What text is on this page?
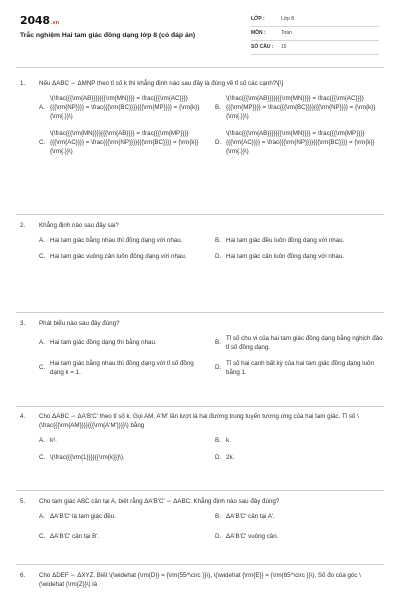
2048.vn
Trắc nghiệm Hai tam giác đồng dạng lớp 8 (có đáp án)
LỚP :	Lớp 8
MÔN :	Toán
SỐ CÂU :	15
1.	Nếu ΔABC ∽ ΔMNP theo tỉ số k thì khẳng định nào sau đây là đúng về tỉ số các cạnh?\[\]
A.
\(\frac{{{\rm{AB}}}}{{{\rm{MN}}}} = \frac{{{\rm{AC}}}}{{{\rm{NP}}}} = \frac{{{\rm{BC}}}}{{{\rm{MP}}}} = {\rm{k}}{\rm{.}}\)
B.
\(\frac{{{\rm{AB}}}}{{{\rm{MN}}}} = \frac{{{\rm{AC}}}}{{{\rm{MP}}}} = \frac{{{\rm{BC}}}}{{{\rm{NP}}}} = {\rm{k}}{\rm{.}}\)
C.
\(\frac{{{\rm{MN}}}}{{{\rm{AB}}}} = \frac{{{\rm{MP}}}}{{{\rm{AC}}}} = \frac{{{\rm{NP}}}}{{{\rm{BC}}}} = {\rm{k}}{\rm{.}}\)
D.
\(\frac{{{\rm{AB}}}}{{{\rm{MN}}}} = \frac{{{\rm{MP}}}}{{{\rm{AC}}}} = \frac{{{\rm{NP}}}}{{{\rm{BC}}}} = {\rm{k}}{\rm{.}}\)
2.	Khẳng định nào sau đây sai?
A. Hai tam giác bằng nhau thì đồng dạng với nhau.	B. Hai tam giác đều luôn đồng dạng với nhau.
C. Hai tam giác vuông cân luôn đồng dạng với nhau.	D. Hai tam giác cân luôn đồng dạng với nhau.
3.	Phát biểu nào sau đây đúng?
A. Hai tam giác đồng dạng thì bằng nhau.	B.
Tỉ số chu vi của hai tam giác đồng dạng bằng nghịch đảo tỉ số đồng dạng.
C.
Hai tam giác bằng nhau thì đồng dạng với tỉ số đồng dạng k = 1.
D.
Tỉ số hai cạnh bất kỳ của hai tam giác đồng dạng luôn bằng 1.
4.	Cho ΔABC ∽ ΔA'B'C' theo tỉ số k. Gọi AM, A'M' lần lượt là hai đường trung tuyến tương ứng của hai tam giác. Tỉ số \(\frac{{{\rm{AM}}}}{{{\rm{A'M'}}}}\) bằng
A. k².	B. k.
C. \(\frac{{{\rm{1}}}}{{\rm{k}}}\).	D. 2k.
5.	Cho tam giác ABC cân tại A, biết rằng ΔA'B'C' ∽ ΔABC. Khẳng định nào sau đây đúng?
A. ΔA'B'C' là tam giác đều.	B. ΔA'B'C' cân tại A'.
C. ΔA'B'C' cân tại B'.	D. ΔA'B'C' vuông cân.
6.	Cho ΔDEF ∽ ΔXYZ. Biết \(\widehat {\rm{D}} = {\rm{55^\circ }}\), \(\widehat {\rm{E}} = {\rm{65^\circ }}\). Số đo của góc \(\widehat {\rm{Z}}\) là
